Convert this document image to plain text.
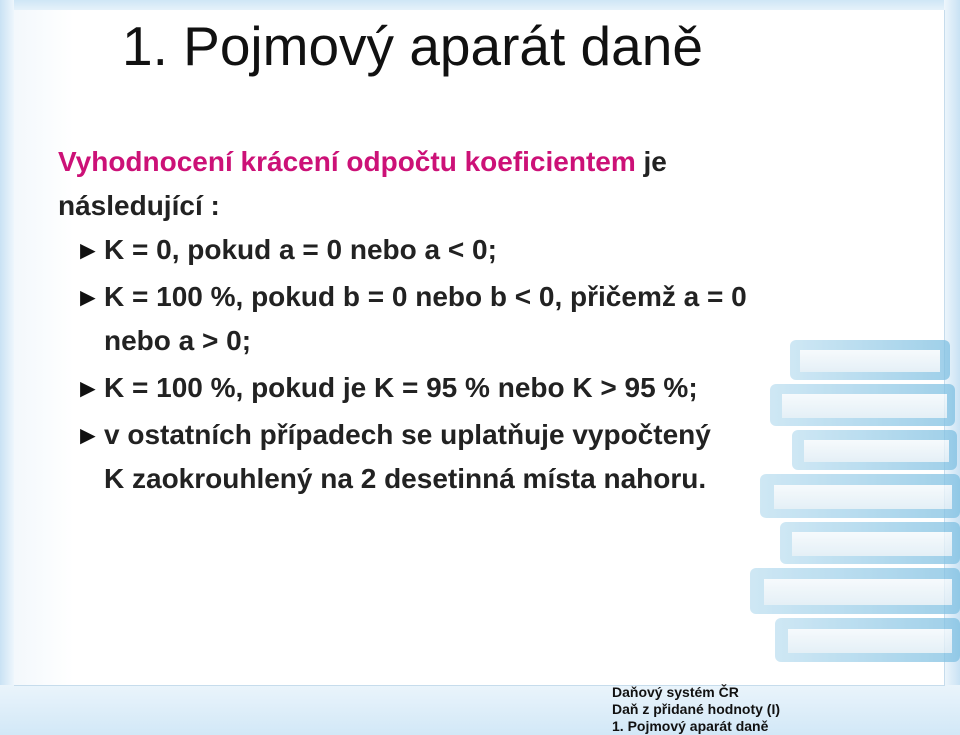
1. Pojmový aparát daně

Vyhodnocení krácení odpočtu koeficientem je
následující :

► K = 0, pokud a = 0 nebo a < 0;
► K = 100 %, pokud b = 0 nebo b < 0, přičemž a = 0
nebo a > 0;
► K = 100 %, pokud je K = 95 % nebo K > 95 %;
► v ostatních případech se uplatňuje vypočtený
K zaokrouhlený na 2 desetinná místa nahoru.
Daňový systém ČR
Daň z přidané hodnoty (I)
1. Pojmový aparát daně
